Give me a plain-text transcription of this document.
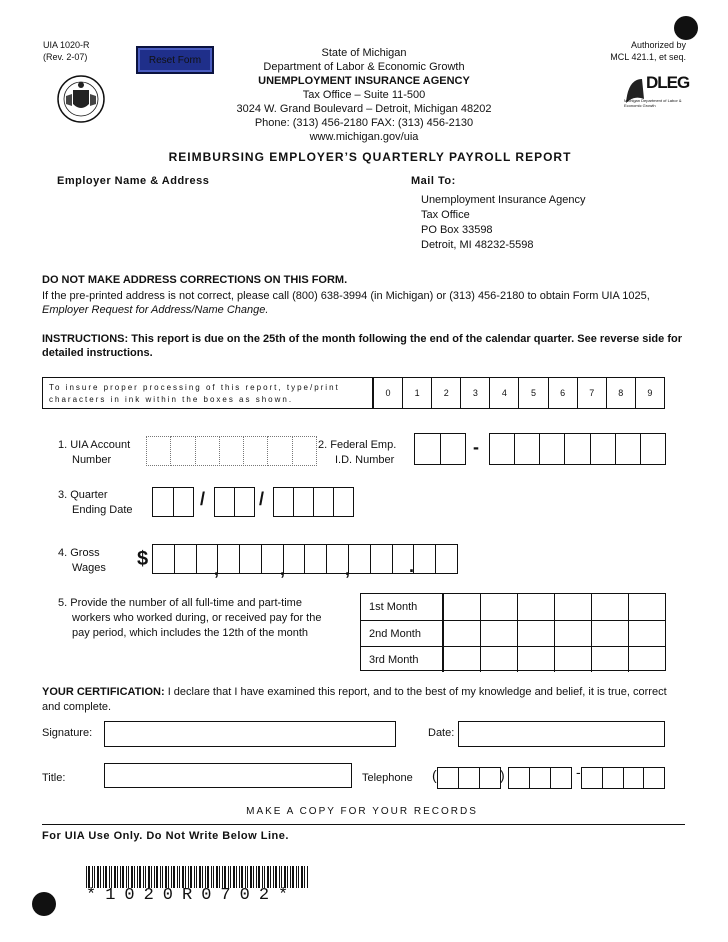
UIA 1020-R
(Rev. 2-07)	Reset Form
Authorized by
MCL 421.1, et seq.
DLEG
Michigan Department of Labor & Economic Growth
State of Michigan
Department of Labor & Economic Growth
UNEMPLOYMENT INSURANCE AGENCY
Tax Office – Suite 11-500
3024 W. Grand Boulevard – Detroit, Michigan 48202
Phone: (313) 456-2180 FAX: (313) 456-2130
www.michigan.gov/uia
REIMBURSING EMPLOYER’S QUARTERLY PAYROLL REPORT
Employer Name & Address	Mail To:
Unemployment Insurance Agency
Tax Office
PO Box 33598
Detroit, MI 48232-5598
DO NOT MAKE ADDRESS CORRECTIONS ON THIS FORM.
If the pre-printed address is not correct, please call (800) 638-3994 (in Michigan) or (313) 456-2180 to obtain Form UIA 1025, Employer Request for Address/Name Change.
INSTRUCTIONS: This report is due on the 25th of the month following the end of the calendar quarter. See reverse side for detailed instructions.
To insure proper processing of this report, type/print characters in ink within the boxes as shown.
0	1	2	3	4	5	6	7	8	9
1. UIA Account
Number
2. Federal Emp.
I.D. Number
-
3. Quarter
Ending Date
/	/
4. Gross
Wages $	,	,	,	.
5. Provide the number of all full-time and part-time
workers who worked during, or received pay for the
pay period, which includes the 12th of the month
1st Month
2nd Month
3rd Month
YOUR CERTIFICATION: I declare that I have examined this report, and to the best of my knowledge and belief, it is true, correct and complete.
Signature:	Date:
Title:	Telephone (	)	-
MAKE A COPY FOR YOUR RECORDS
For UIA Use Only. Do Not Write Below Line.
*1020R0702*
